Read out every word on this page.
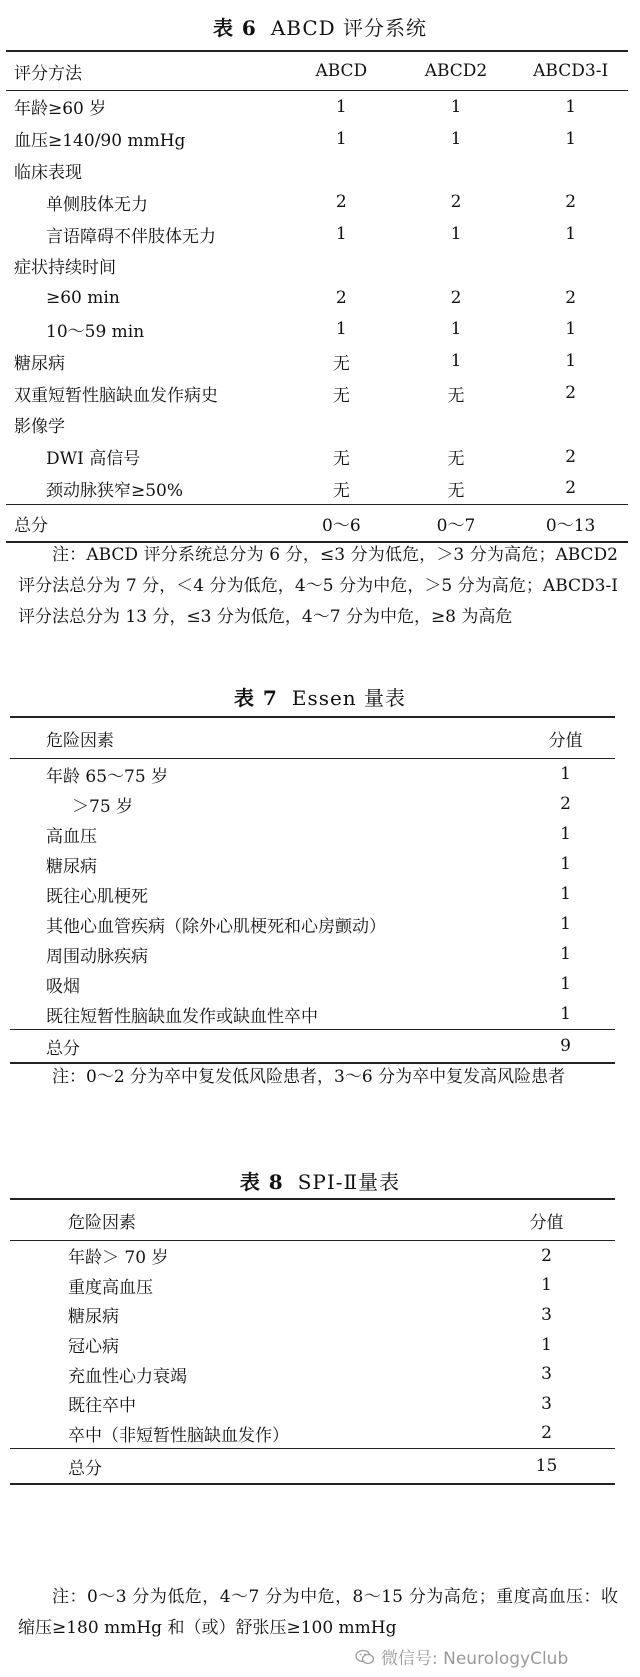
表 6 ABCD 评分系统
评分方法	ABCD	ABCD2	ABCD3-Ⅰ
年龄≥60 岁	1	1	1
血压≥140/90 mmHg	1	1	1
临床表现			
单侧肢体无力	2	2	2
言语障碍不伴肢体无力	1	1	1
症状持续时间			
≥60 min	2	2	2
10～59 min	1	1	1
糖尿病	无	1	1
双重短暂性脑缺血发作病史	无	无	2
影像学			
DWI 高信号	无	无	2
颈动脉狭窄≥50%	无	无	2
总分	0～6	0～7	0～13
注：ABCD 评分系统总分为 6 分，≤3 分为低危，＞3 分为高危；ABCD2 评分法总分为 7 分，＜4 分为低危，4～5 分为中危，＞5 分为高危；ABCD3-Ⅰ评分法总分为 13 分，≤3 分为低危，4～7 分为中危，≥8 为高危
表 7 Essen 量表
危险因素	分值
年龄 65～75 岁	1
＞75 岁	2
高血压	1
糖尿病	1
既往心肌梗死	1
其他心血管疾病（除外心肌梗死和心房颤动）	1
周围动脉疾病	1
吸烟	1
既往短暂性脑缺血发作或缺血性卒中	1
总分	9
注：0～2 分为卒中复发低风险患者，3～6 分为卒中复发高风险患者
表 8 SPI-Ⅱ量表
危险因素	分值
年龄＞ 70 岁	2
重度高血压	1
糖尿病	3
冠心病	1
充血性心力衰竭	3
既往卒中	3
卒中（非短暂性脑缺血发作）	2
总分	15
注：0～3 分为低危，4～7 分为中危，8～15 分为高危；重度高血压：收缩压≥180 mmHg 和（或）舒张压≥100 mmHg
微信号: NeurologyClub
